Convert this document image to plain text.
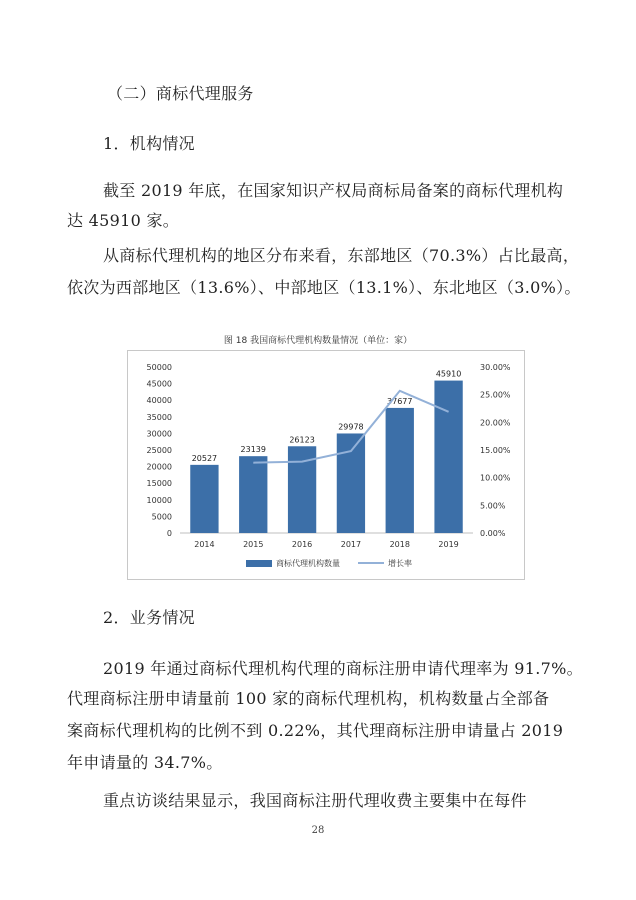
（二）商标代理服务
1．机构情况
截至 2019 年底，在国家知识产权局商标局备案的商标代理机构
达 45910 家。
从商标代理机构的地区分布来看，东部地区（70.3%）占比最高，
依次为西部地区（13.6%）、中部地区（13.1%）、东北地区（3.0%）。
图 18 我国商标代理机构数量情况（单位：家）
0
5000
10000
15000
20000
25000
30000
35000
40000
45000
50000
0.00%
5.00%
10.00%
15.00%
20.00%
25.00%
30.00%
20527
2014
23139
2015
26123
2016
29978
2017
37677
2018
45910
2019
商标代理机构数量	增长率
2．业务情况
2019 年通过商标代理机构代理的商标注册申请代理率为 91.7%。
代理商标注册申请量前 100 家的商标代理机构，机构数量占全部备
案商标代理机构的比例不到 0.22%，其代理商标注册申请量占 2019
年申请量的 34.7%。
重点访谈结果显示，我国商标注册代理收费主要集中在每件
28
